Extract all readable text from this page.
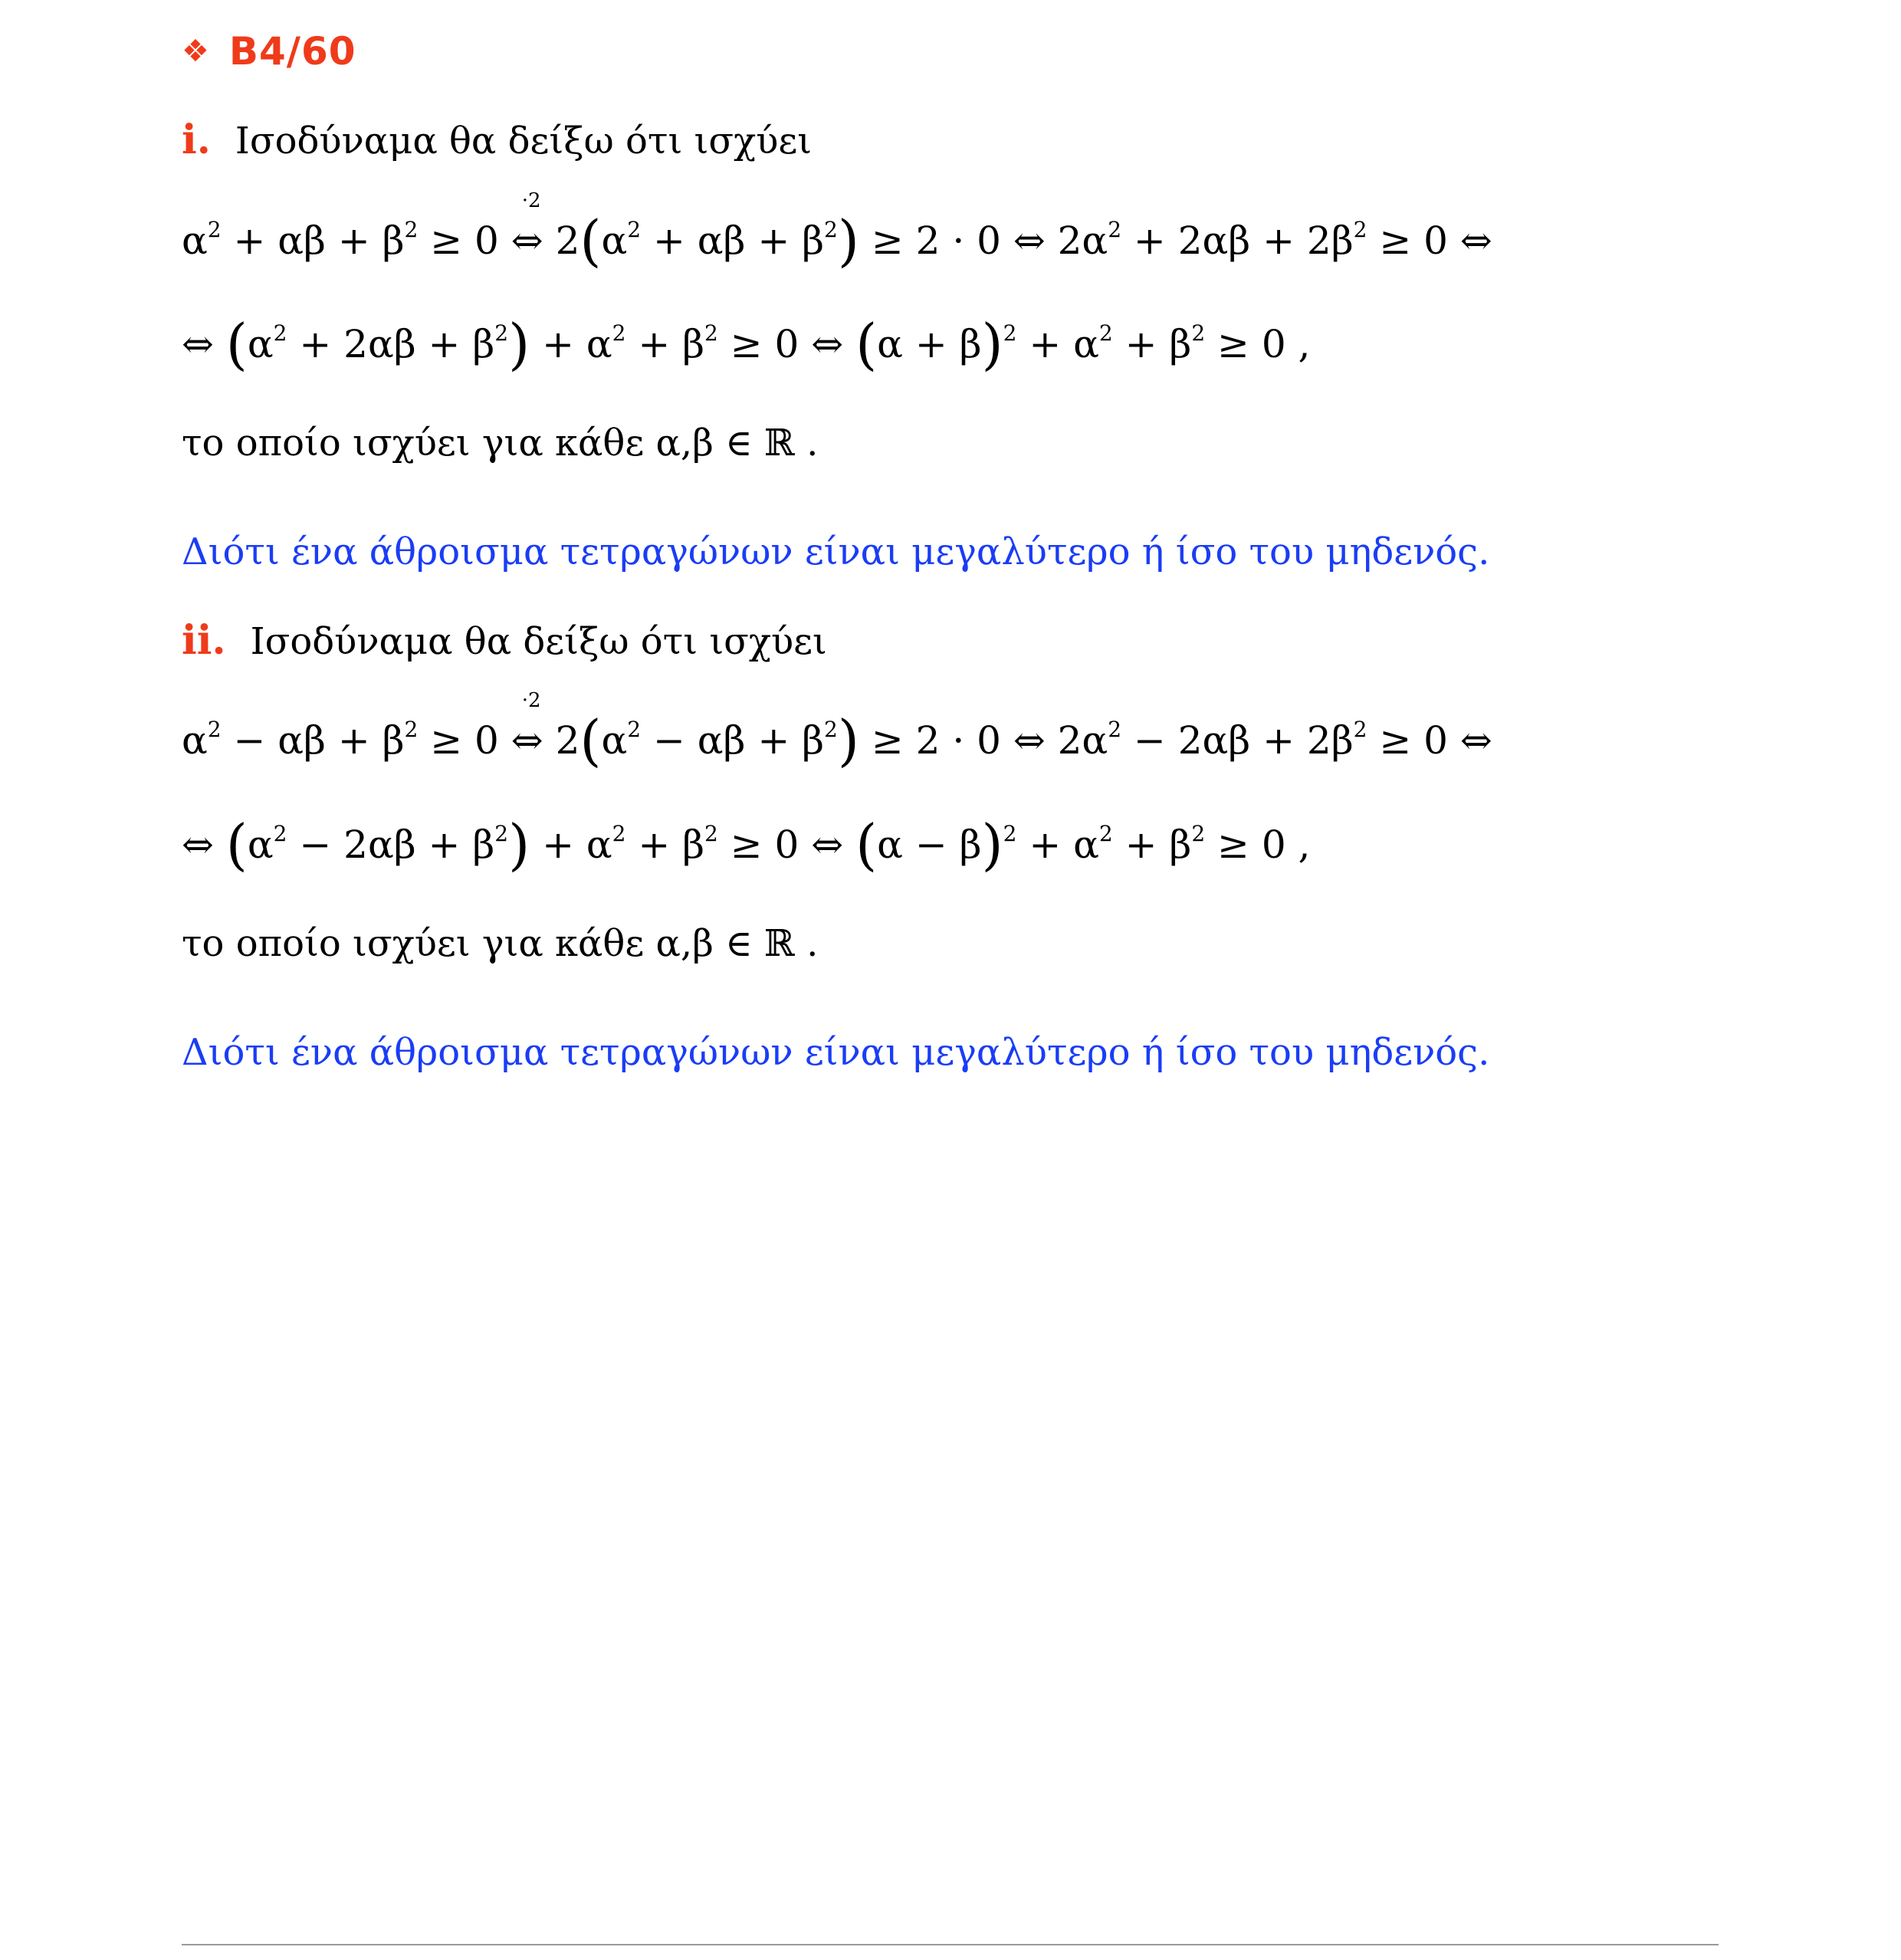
❖ B4/60
i. Ισοδύναμα θα δείξω ότι ισχύει
$\alpha^2 + \alpha\beta + \beta^2 \ge 0$
·2
⇔ $2(\alpha^2 + \alpha\beta + \beta^2) \ge 2 \cdot 0$ ⇔ $2\alpha^2 + 2\alpha\beta + 2\beta^2 \ge 0$ ⇔
⇔ $(\alpha^2 + 2\alpha\beta + \beta^2) + \alpha^2 + \beta^2 \ge 0$ ⇔ $(\alpha + \beta)^2 + \alpha^2 + \beta^2 \ge 0$ ,
το οποίο ισχύει για κάθε α,β ∈ ℝ .
Διότι ένα άθροισμα τετραγώνων είναι μεγαλύτερο ή ίσο του μηδενός.
ii. Ισοδύναμα θα δείξω ότι ισχύει
$\alpha^2 - \alpha\beta + \beta^2 \ge 0$
·2
⇔ $2(\alpha^2 - \alpha\beta + \beta^2) \ge 2 \cdot 0$ ⇔ $2\alpha^2 - 2\alpha\beta + 2\beta^2 \ge 0$ ⇔
⇔ $(\alpha^2 - 2\alpha\beta + \beta^2) + \alpha^2 + \beta^2 \ge 0$ ⇔ $(\alpha - \beta)^2 + \alpha^2 + \beta^2 \ge 0$ ,
το οποίο ισχύει για κάθε α,β ∈ ℝ .
Διότι ένα άθροισμα τετραγώνων είναι μεγαλύτερο ή ίσο του μηδενός.
